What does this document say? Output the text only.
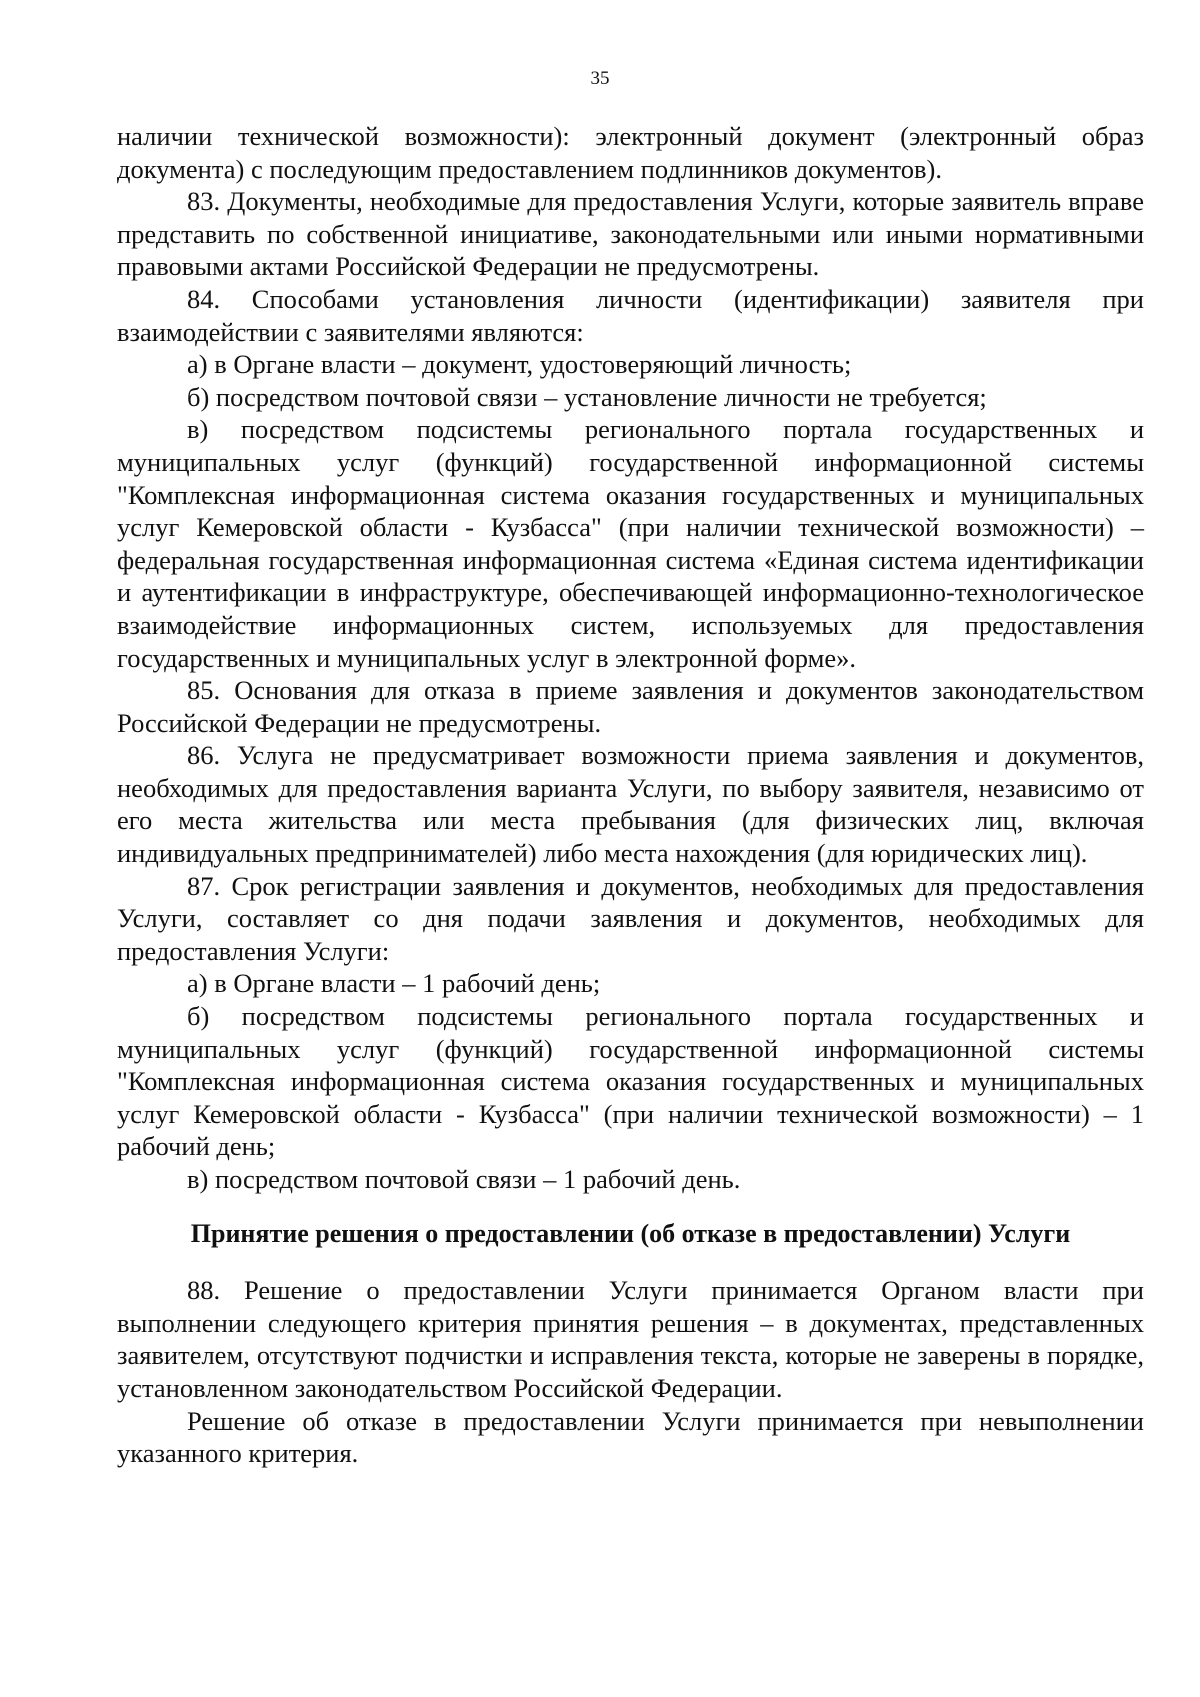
35

наличии технической возможности): электронный документ (электронный образ документа) с последующим предоставлением подлинников документов).

83. Документы, необходимые для предоставления Услуги, которые заявитель вправе представить по собственной инициативе, законодательными или иными нормативными правовыми актами Российской Федерации не предусмотрены.

84. Способами установления личности (идентификации) заявителя при взаимодействии с заявителями являются:

а) в Органе власти – документ, удостоверяющий личность;

б) посредством почтовой связи – установление личности не требуется;

в) посредством подсистемы регионального портала государственных и муниципальных услуг (функций) государственной информационной системы "Комплексная информационная система оказания государственных и муниципальных услуг Кемеровской области - Кузбасса" (при наличии технической возможности) – федеральная государственная информационная система «Единая система идентификации и аутентификации в инфраструктуре, обеспечивающей информационно-технологическое взаимодействие информационных систем, используемых для предоставления государственных и муниципальных услуг в электронной форме».

85. Основания для отказа в приеме заявления и документов законодательством Российской Федерации не предусмотрены.

86. Услуга не предусматривает возможности приема заявления и документов, необходимых для предоставления варианта Услуги, по выбору заявителя, независимо от его места жительства или места пребывания (для физических лиц, включая индивидуальных предпринимателей) либо места нахождения (для юридических лиц).

87. Срок регистрации заявления и документов, необходимых для предоставления Услуги, составляет со дня подачи заявления и документов, необходимых для предоставления Услуги:

а) в Органе власти – 1 рабочий день;

б) посредством подсистемы регионального портала государственных и муниципальных услуг (функций) государственной информационной системы "Комплексная информационная система оказания государственных и муниципальных услуг Кемеровской области - Кузбасса" (при наличии технической возможности) – 1 рабочий день;

в) посредством почтовой связи – 1 рабочий день.

Принятие решения о предоставлении (об отказе в предоставлении) Услуги

88. Решение о предоставлении Услуги принимается Органом власти при выполнении следующего критерия принятия решения – в документах, представленных заявителем, отсутствуют подчистки и исправления текста, которые не заверены в порядке, установленном законодательством Российской Федерации.

Решение об отказе в предоставлении Услуги принимается при невыполнении указанного критерия.
